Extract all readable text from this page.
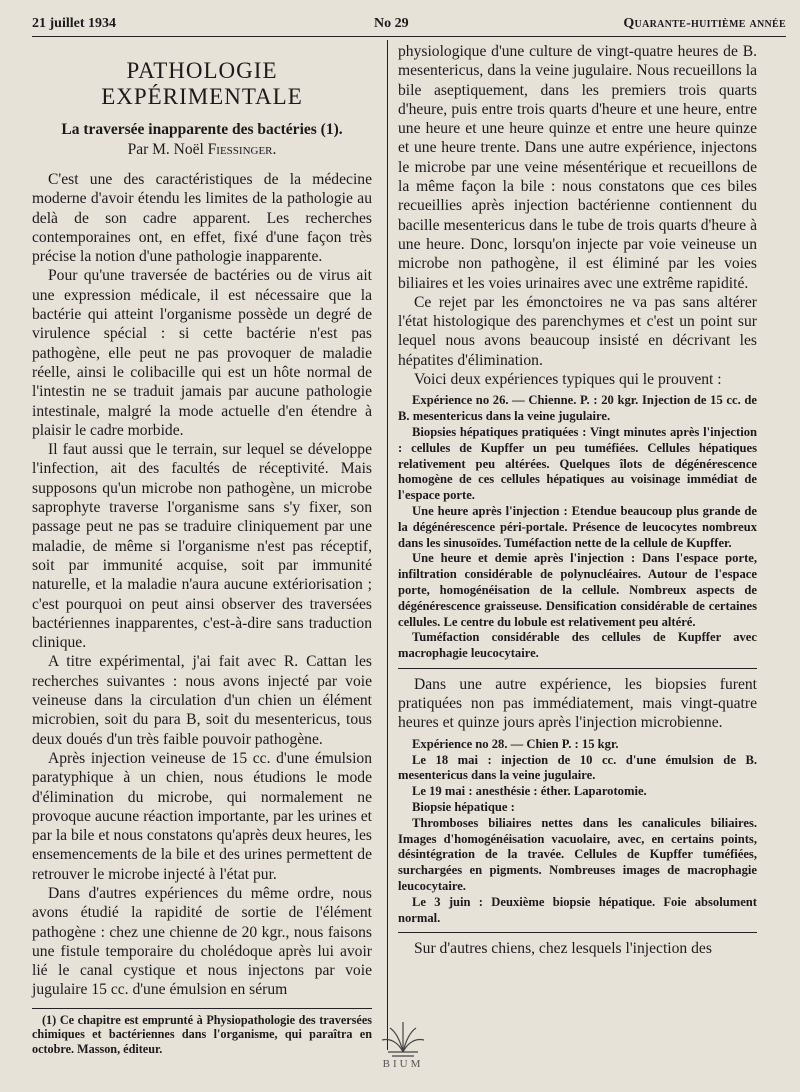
21 juillet 1934	No 29	Quarante-huitième année
PATHOLOGIE EXPÉRIMENTALE
La traversée inapparente des bactéries (1).
Par M. Noël Fiessinger.

C'est une des caractéristiques de la médecine moderne d'avoir étendu les limites de la pathologie au delà de son cadre apparent. Les recherches contemporaines ont, en effet, fixé d'une façon très précise la notion d'une pathologie inapparente.

Pour qu'une traversée de bactéries ou de virus ait une expression médicale, il est nécessaire que la bactérie qui atteint l'organisme possède un degré de virulence spécial : si cette bactérie n'est pas pathogène, elle peut ne pas provoquer de maladie réelle, ainsi le colibacille qui est un hôte normal de l'intestin ne se traduit jamais par aucune pathologie intestinale, malgré la mode actuelle d'en étendre à plaisir le cadre morbide.

Il faut aussi que le terrain, sur lequel se développe l'infection, ait des facultés de réceptivité. Mais supposons qu'un microbe non pathogène, un microbe saprophyte traverse l'organisme sans s'y fixer, son passage peut ne pas se traduire cliniquement par une maladie, de même si l'organisme n'est pas réceptif, soit par immunité acquise, soit par immunité naturelle, et la maladie n'aura aucune extériorisation ; c'est pourquoi on peut ainsi observer des traversées bactériennes inapparentes, c'est-à-dire sans traduction clinique.

A titre expérimental, j'ai fait avec R. Cattan les recherches suivantes : nous avons injecté par voie veineuse dans la circulation d'un chien un élément microbien, soit du para B, soit du mesentericus, tous deux doués d'un très faible pouvoir pathogène.

Après injection veineuse de 15 cc. d'une émulsion paratyphique à un chien, nous étudions le mode d'élimination du microbe, qui normalement ne provoque aucune réaction importante, par les urines et par la bile et nous constatons qu'après deux heures, les ensemencements de la bile et des urines permettent de retrouver le microbe injecté à l'état pur.

Dans d'autres expériences du même ordre, nous avons étudié la rapidité de sortie de l'élément pathogène : chez une chienne de 20 kgr., nous faisons une fistule temporaire du cholédoque après lui avoir lié le canal cystique et nous injectons par voie jugulaire 15 cc. d'une émulsion en sérum

(1) Ce chapitre est emprunté à Physiopathologie des traversées chimiques et bactériennes dans l'organisme, qui paraîtra en octobre. Masson, éditeur.

physiologique d'une culture de vingt-quatre heures de B. mesentericus, dans la veine jugulaire. Nous recueillons la bile aseptiquement, dans les premiers trois quarts d'heure, puis entre trois quarts d'heure et une heure, entre une heure et une heure quinze et entre une heure quinze et une heure trente. Dans une autre expérience, injectons le microbe par une veine mésentérique et recueillons de la même façon la bile : nous constatons que ces biles recueillies après injection bactérienne contiennent du bacille mesentericus dans le tube de trois quarts d'heure à une heure. Donc, lorsqu'on injecte par voie veineuse un microbe non pathogène, il est éliminé par les voies biliaires et les voies urinaires avec une extrême rapidité.

Ce rejet par les émonctoires ne va pas sans altérer l'état histologique des parenchymes et c'est un point sur lequel nous avons beaucoup insisté en décrivant les hépatites d'élimination.

Voici deux expériences typiques qui le prouvent :

Expérience no 26. — Chienne. P. : 20 kgr. Injection de 15 cc. de B. mesentericus dans la veine jugulaire.

Biopsies hépatiques pratiquées : Vingt minutes après l'injection : cellules de Kupffer un peu tuméfiées. Cellules hépatiques relativement peu altérées. Quelques îlots de dégénérescence homogène de ces cellules hépatiques au voisinage immédiat de l'espace porte.

Une heure après l'injection : Etendue beaucoup plus grande de la dégénérescence péri-portale. Présence de leucocytes nombreux dans les sinusoïdes. Tuméfaction nette de la cellule de Kupffer.

Une heure et demie après l'injection : Dans l'espace porte, infiltration considérable de polynucléaires. Autour de l'espace porte, homogénéisation de la cellule. Nombreux aspects de dégénérescence graisseuse. Densification considérable de certaines cellules. Le centre du lobule est relativement peu altéré.

Tuméfaction considérable des cellules de Kupffer avec macrophagie leucocytaire.

Dans une autre expérience, les biopsies furent pratiquées non pas immédiatement, mais vingt-quatre heures et quinze jours après l'injection microbienne.

Expérience no 28. — Chien P. : 15 kgr.

Le 18 mai : injection de 10 cc. d'une émulsion de B. mesentericus dans la veine jugulaire.

Le 19 mai : anesthésie : éther. Laparotomie.

Biopsie hépatique :

Thromboses biliaires nettes dans les canalicules biliaires. Images d'homogénéisation vacuolaire, avec, en certains points, désintégration de la travée. Cellules de Kupffer tuméfiées, surchargées en pigments. Nombreuses images de macrophagie leucocytaire.

Le 3 juin : Deuxième biopsie hépatique. Foie absolument normal.

Sur d'autres chiens, chez lesquels l'injection des

BIUM
